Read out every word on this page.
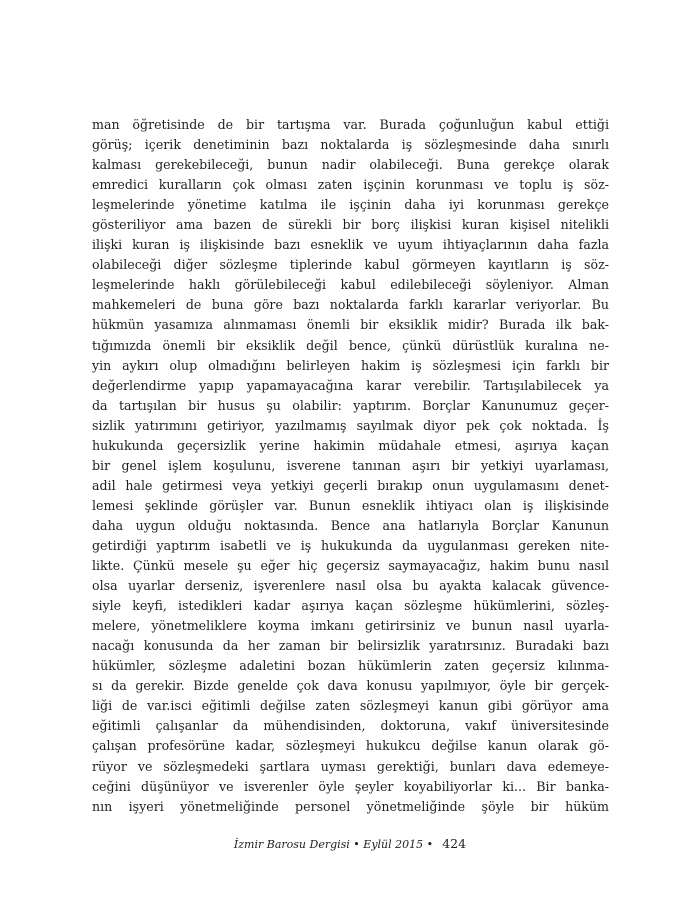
man öğretisinde de bir tartışma var. Burada çoğunluğun kabul ettiği
görüş; içerik denetiminin bazı noktalarda iş sözleşmesinde daha sınırlı
kalması gerekebileceği, bunun nadir olabileceği. Buna gerekçe olarak
emredici kuralların çok olması zaten işçinin korunması ve toplu iş söz-
leşmelerinde yönetime katılma ile işçinin daha iyi korunması gerekçe
gösteriliyor ama bazen de sürekli bir borç ilişkisi kuran kişisel nitelikli
ilişki kuran iş ilişkisinde bazı esneklik ve uyum ihtiyaçlarının daha fazla
olabileceği diğer sözleşme tiplerinde kabul görmeyen kayıtların iş söz-
leşmelerinde haklı görülebileceği kabul edilebileceği söyleniyor. Alman
mahkemeleri de buna göre bazı noktalarda farklı kararlar veriyorlar. Bu
hükmün yasamıza alınmaması önemli bir eksiklik midir? Burada ilk bak-
tığımızda önemli bir eksiklik değil bence, çünkü dürüstlük kuralına ne-
yin aykırı olup olmadığını belirleyen hakim iş sözleşmesi için farklı bir
değerlendirme yapıp yapamayacağına karar verebilir. Tartışılabilecek ya
da tartışılan bir husus şu olabilir: yaptırım. Borçlar Kanunumuz geçer-
sizlik yatırımını getiriyor, yazılmamış sayılmak diyor pek çok noktada. İş
hukukunda geçersizlik yerine hakimin müdahale etmesi, aşırıya kaçan
bir genel işlem koşulunu, isverene tanınan aşırı bir yetkiyi uyarlaması,
adil hale getirmesi veya yetkiyi geçerli bırakıp onun uygulamasını denet-
lemesi şeklinde görüşler var. Bunun esneklik ihtiyacı olan iş ilişkisinde
daha uygun olduğu noktasında. Bence ana hatlarıyla Borçlar Kanunun
getirdiği yaptırım isabetli ve iş hukukunda da uygulanması gereken nite-
likte. Çünkü mesele şu eğer hiç geçersiz saymayacağız, hakim bunu nasıl
olsa uyarlar derseniz, işverenlere nasıl olsa bu ayakta kalacak güvence-
siyle keyfi, istedikleri kadar aşırıya kaçan sözleşme hükümlerini, sözleş-
melere, yönetmeliklere koyma imkanı getirirsiniz ve bunun nasıl uyarla-
nacağı konusunda da her zaman bir belirsizlik yaratırsınız. Buradaki bazı
hükümler, sözleşme adaletini bozan hükümlerin zaten geçersiz kılınma-
sı da gerekir. Bizde genelde çok dava konusu yapılmıyor, öyle bir gerçek-
liği de var.isci eğitimli değilse zaten sözleşmeyi kanun gibi görüyor ama
eğitimli çalışanlar da mühendisinden, doktoruna, vakıf üniversitesinde
çalışan profesörüne kadar, sözleşmeyi hukukcu değilse kanun olarak gö-
rüyor ve sözleşmedeki şartlara uyması gerektiği, bunları dava edemeye-
ceğini düşünüyor ve isverenler öyle şeyler koyabiliyorlar ki... Bir banka-
nın işyeri yönetmeliğinde personel yönetmeliğinde şöyle bir hüküm
İzmir Barosu Dergisi • Eylül 2015 • 424
